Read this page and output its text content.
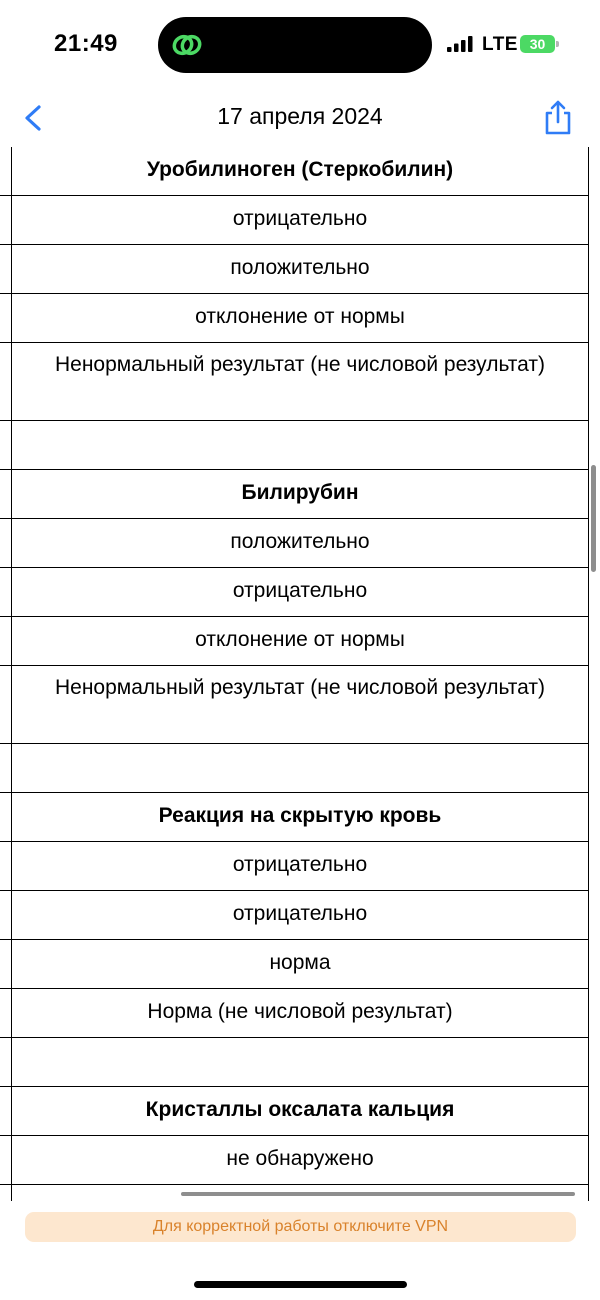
21:49	LTE 30
17 апреля 2024
Уробилиноген (Стеркобилин)
отрицательно
положительно
отклонение от нормы
Ненормальный результат (не числовой результат)
Билирубин
положительно
отрицательно
отклонение от нормы
Ненормальный результат (не числовой результат)
Реакция на скрытую кровь
отрицательно
отрицательно
норма
Норма (не числовой результат)
Кристаллы оксалата кальция
не обнаружено
Для корректной работы отключите VPN
